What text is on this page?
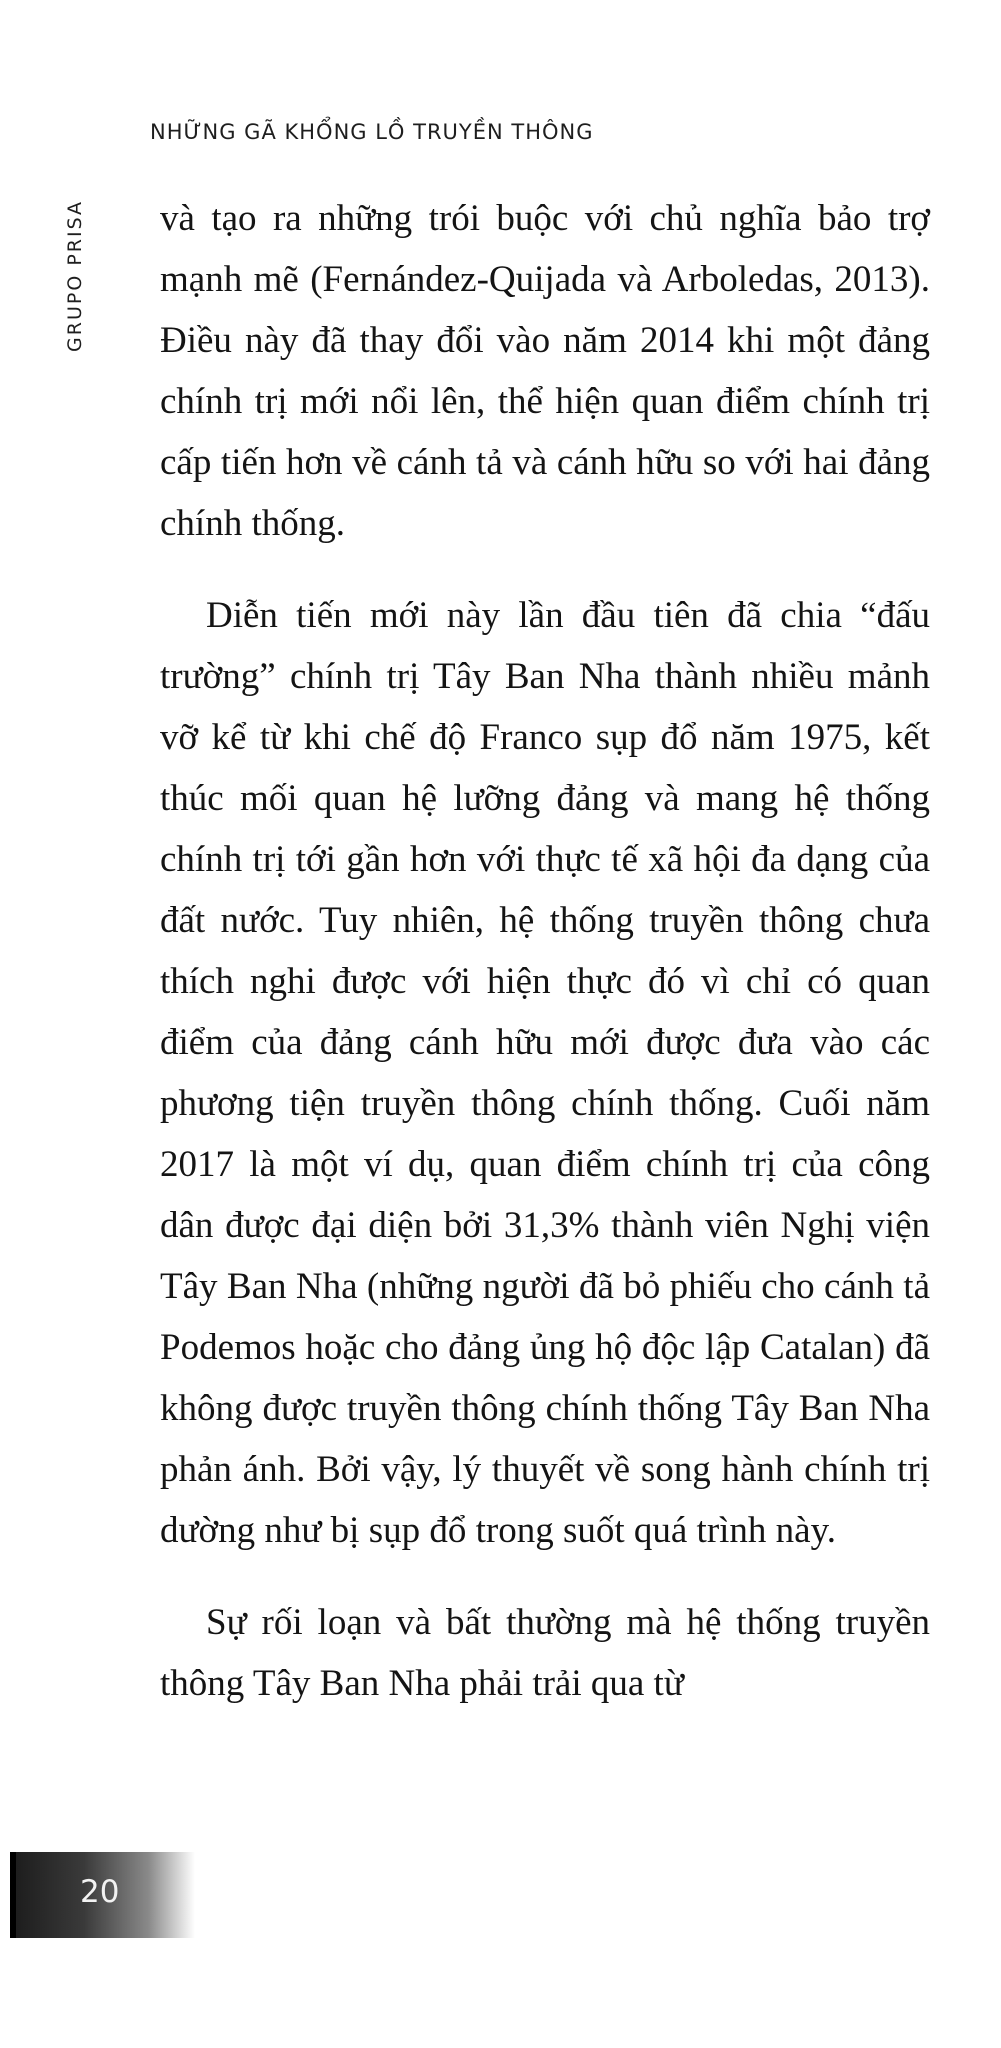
NHỮNG GÃ KHỔNG LỒ TRUYỀN THÔNG
GRUPO PRISA	và tạo ra những trói buộc với chủ nghĩa bảo trợ mạnh mẽ (Fernández-Quijada và Arboledas, 2013). Điều này đã thay đổi vào năm 2014 khi một đảng chính trị mới nổi lên, thể hiện quan điểm chính trị cấp tiến hơn về cánh tả và cánh hữu so với hai đảng chính thống.

Diễn tiến mới này lần đầu tiên đã chia “đấu trường” chính trị Tây Ban Nha thành nhiều mảnh vỡ kể từ khi chế độ Franco sụp đổ năm 1975, kết thúc mối quan hệ lưỡng đảng và mang hệ thống chính trị tới gần hơn với thực tế xã hội đa dạng của đất nước. Tuy nhiên, hệ thống truyền thông chưa thích nghi được với hiện thực đó vì chỉ có quan điểm của đảng cánh hữu mới được đưa vào các phương tiện truyền thông chính thống. Cuối năm 2017 là một ví dụ, quan điểm chính trị của công dân được đại diện bởi 31,3% thành viên Nghị viện Tây Ban Nha (những người đã bỏ phiếu cho cánh tả Podemos hoặc cho đảng ủng hộ độc lập Catalan) đã không được truyền thông chính thống Tây Ban Nha phản ánh. Bởi vậy, lý thuyết về song hành chính trị dường như bị sụp đổ trong suốt quá trình này.

Sự rối loạn và bất thường mà hệ thống truyền thông Tây Ban Nha phải trải qua từ

20
